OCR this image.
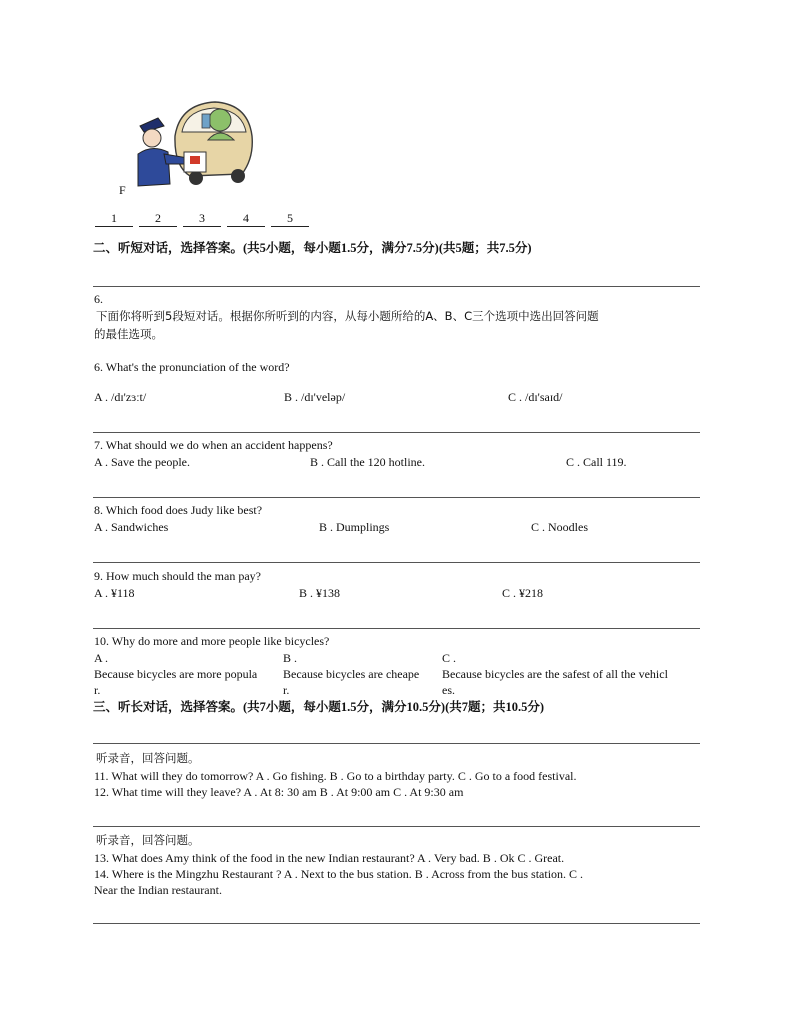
F
1	2	3	4	5
二、听短对话，选择答案。(共5小题，每小题1.5分，满分7.5分)(共5题；共7.5分)
6.
下面你将听到5段短对话。根据你所听到的内容，从每小题所给的A、B、C三个选项中选出回答问题
的最佳选项。
6. What's the pronunciation of the word?
A . /dɪ'zɜːt/	B . /dɪ'veləp/	C . /dɪ'saɪd/
7. What should we do when an accident happens?
A . Save the people.	B . Call the 120 hotline.	C . Call 119.
8. Which food does Judy like best?
A . Sandwiches	B . Dumplings	C . Noodles
9. How much should the man pay?
A . ¥118	B . ¥138	C . ¥218
10. Why do more and more people like bicycles?
A .	B .	C .
Because bicycles are more popula
r.
Because bicycles are cheape
r.
Because bicycles are the safest of all the vehicl
es.
三、听长对话，选择答案。(共7小题，每小题1.5分，满分10.5分)(共7题；共10.5分)
听录音，回答问题。
11. What will they do tomorrow? A . Go fishing. B . Go to a birthday party. C . Go to a food festival.
12. What time will they leave? A . At 8: 30 am B . At 9:00 am C . At 9:30 am
听录音，回答问题。
13. What does Amy think of the food in the new Indian restaurant? A . Very bad. B . Ok C . Great.
14. Where is the Mingzhu Restaurant ? A . Next to the bus station. B . Across from the bus station. C .
Near the Indian restaurant.
